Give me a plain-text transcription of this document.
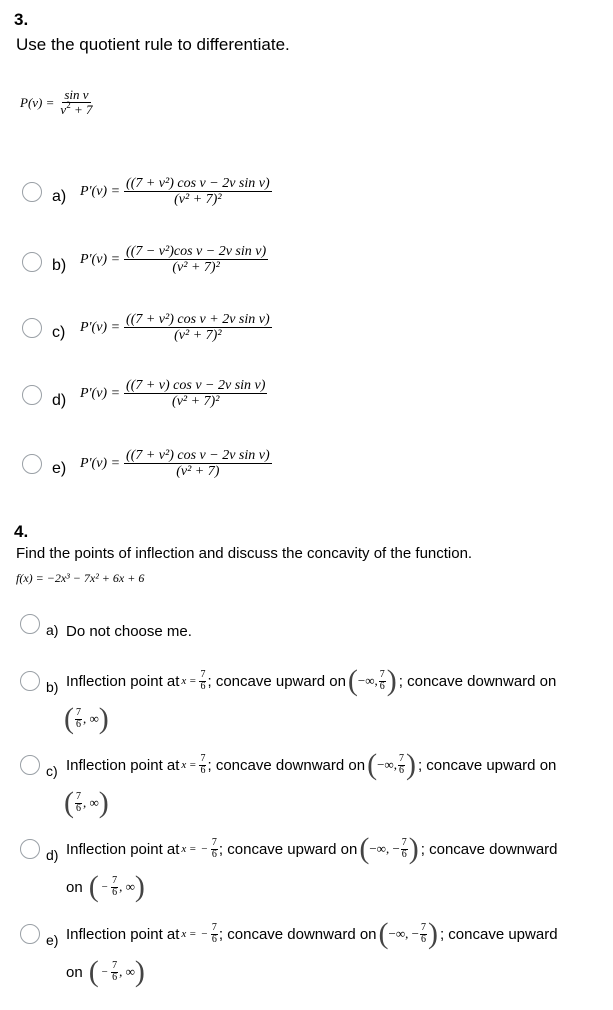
3.
Use the quotient rule to differentiate.
$P(v) = \frac{\text{sin v}}{v^2 + 7}$
a) $P'(v) = \frac{\text{((7 + v²) cos v − 2v sin v)}}{\text{(v² + 7)²}}$
b) $P'(v) = \frac{\text{((7 − v²)cos v − 2v sin v)}}{\text{(v² + 7)²}}$
c) $P'(v) = \frac{\text{((7 + v²) cos v + 2v sin v)}}{\text{(v² + 7)²}}$
d) $P'(v) = \frac{\text{((7 + v) cos v − 2v sin v)}}{\text{(v² + 7)²}}$
e) $P'(v) = \frac{\text{((7 + v²) cos v − 2v sin v)}}{\text{(v² + 7)}}$
4.
Find the points of inflection and discuss the concavity of the function.
f(x) = −2x³ − 7x² + 6x + 6
a) Do not choose me.
b) Inflection point at $x = \frac{7}{6}$ ; concave upward on ( −∞, 7
6 ) ; concave downward on
( 7
6 , ∞ )
c) Inflection point at $x = \frac{7}{6}$ ; concave downward on ( −∞, 7
6 ) ; concave upward on
( 7
6 , ∞ )
d) Inflection point at x = − $\frac{7}{6}$ ; concave upward on ( −∞, − $\frac{7}{6}$ ) ; concave downward
on ( − $\frac{7}{6}$ , ∞ )
e) Inflection point at x = − $\frac{7}{6}$ ; concave downward on ( −∞, − $\frac{7}{6}$ ) ; concave upward
on ( − $\frac{7}{6}$ , ∞ )
